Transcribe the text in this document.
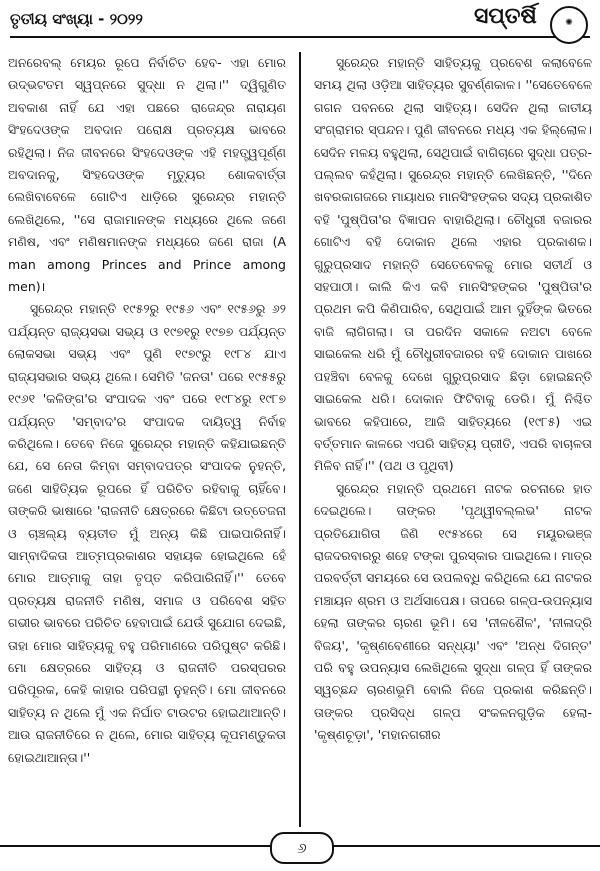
ତୃତୀୟ ସଂଖ୍ୟା - ୨୦୨୨	ସପ୍ତର୍ଷି	✺

ଅନରେବଲ୍ ମେୟର ରୂପେ ନିର୍ବାଚିତ ହେବ- ଏହା ମୋର ଉଦ୍ଭଟତମ ସ୍ୱପ୍ନରେ ସୁଦ୍ଧା ନ ଥିଲା।'' ଦ୍ୱିଗୁଣିତ ଅବକାଶ ନାହିଁ ଯେ ଏହା ପଛରେ ରାଜେନ୍ଦ୍ର ନାରାୟଣ ସିଂହଦେଓଙ୍କ ଅବଦାନ ପରୋକ୍ଷ ପ୍ରତ୍ୟକ୍ଷ ଭାବରେ ରହିଥିଲା। ନିଜ ଜୀବନରେ ସିଂହଦେଓଙ୍କ ଏହି ମହତ୍ତ୍ୱପୂର୍ଣ୍ଣ ଅବଦାନକୁ, ସିଂହଦେଓଙ୍କ ମୃତ୍ୟୁର ଶୋକବାର୍ତ୍ତା ଲେଖିବାବେଳେ ଗୋଟିଏ ଧାଡ଼ିରେ ସୁରେନ୍ଦ୍ର ମହାନ୍ତି ଲେଖିଥିଲେ, ''ସେ ରାଜାମାନଙ୍କ ମଧ୍ୟରେ ଥିଲେ ଜଣେ ମଣିଷ, ଏବଂ ମଣିଷମାନଙ୍କ ମଧ୍ୟରେ ଜଣେ ରାଜା (A man among Princes and Prince among men)।

ସୁରେନ୍ଦ୍ର ମହାନ୍ତି ୧୯୫୨ରୁ ୧୯୫୬ ଏବଂ ୧୯୫୬ରୁ ୬୨ ପର୍ଯ୍ୟନ୍ତ ରାଜ୍ୟସଭା ସଭ୍ୟ ଓ ୧୯୭୧ରୁ ୧୯୭୭ ପର୍ଯ୍ୟନ୍ତ ଲୋକସଭା ସଭ୍ୟ ଏବଂ ପୁଣି ୧୯୭୯ରୁ ୧୯୮୪ ଯାଏ ରାଜ୍ୟସଭାର ସଭ୍ୟ ଥିଲେ। ସେମିତି 'ଜନତା' ପରେ ୧୯୫୫ରୁ ୧୯୬୧ 'କଳିଙ୍ଗ'ର ସଂପାଦକ ଏବଂ ପରେ ୧୯୮୪ରୁ ୧୯୮୭ ପର୍ଯ୍ୟନ୍ତ 'ସମ୍ବାଦ'ର ସଂପାଦକ ଦାୟିତ୍ୱ ନିର୍ବାହ କରିଥିଲେ। ତେବେ ନିଜେ ସୁରେନ୍ଦ୍ର ମହାନ୍ତି କହିଯାଇଛନ୍ତି ଯେ, ସେ ନେତା କିମ୍ବା ସମ୍ବାଦପତ୍ର ସଂପାଦକ ନୁହନ୍ତି, ଜଣେ ସାହିତ୍ୟିକ ରୂପରେ ହିଁ ପରିଚିତ ରହିବାକୁ ଚାହିଁବେ। ତାଙ୍କରି ଭାଷାରେ 'ରାଜନୀତି କ୍ଷେତ୍ରରେ କିଛିଟା ଉତ୍ତେଜନା ଓ ଚାଞ୍ଚଲ୍ୟ ବ୍ୟତୀତ ମୁଁ ଅନ୍ୟ କିଛି ପାଇପାରିନାହିଁ। ସାମ୍ବାଦିକତା ଆତ୍ମପ୍ରକାଶର ସହାୟକ ହୋଇଥିଲେ ହେଁ ମୋର ଆତ୍ମାକୁ ତାହା ତୃପ୍ତ କରିପାରିନାହିଁ।'' ତେବେ ପ୍ରତ୍ୟକ୍ଷ ରାଜନୀତି ମଣିଷ, ସମାଜ ଓ ପରିବେଶ ସହିତ ଗଭୀର ଭାବରେ ପରିଚିତ ହେବାପାଇଁ ଯେଉଁ ସୁଯୋଗ ଦେଇଛି, ତାହା ମୋର ସାହିତ୍ୟକୁ ବହୁ ପରିମାଣରେ ପରିପୁଷ୍ଟ କରିଛି। ମୋ କ୍ଷେତ୍ରରେ ସାହିତ୍ୟ ଓ ରାଜନୀତି ପରସ୍ପରର ପରିପୂରକ, କେହି କାହାର ପରିପନ୍ଥୀ ନୁହନ୍ତି। ମୋ ଜୀବନରେ ସାହିତ୍ୟ ନ ଥିଲେ ମୁଁ ଏକ ନିର୍ଘାତ ଟାଉଟର ହୋଇଥାଆନ୍ତି। ଆଉ ରାଜନୀତିରେ ନ ଥିଲେ, ମୋର ସାହିତ୍ୟ କୂପମଣ୍ଡୁକତା ହୋଇଥାଆନ୍ତା।''

ସୁରେନ୍ଦ୍ର ମହାନ୍ତି ସାହିତ୍ୟକୁ ପ୍ରବେଶ କଲାବେଳେ ସମୟ ଥିଲା ଓଡ଼ିଆ ସାହିତ୍ୟର ସୁବର୍ଣ୍ଣକାଳ। ''ସେତେବେଳେ ଗଗନ ପବନରେ ଥିଲା ସାହିତ୍ୟ। ସେଦିନ ଥିଲା ଜାତୀୟ ସଂଗ୍ରାମର ସ୍ପନ୍ଦନ। ପୁଣି ଜୀବନରେ ମଧ୍ୟ ଏକ ହିଲ୍ଲୋଳ। ସେଦିନ ମଳୟ ବହୁଥିଲା, ସେଥିପାଇଁ ବାଗିଚାରେ ସୁଦ୍ଧା ପତ୍ର-ପଲ୍ଲବ କହଁଥିଲା। ସୁରେନ୍ଦ୍ର ମହାନ୍ତି ଲେଖିଛନ୍ତି, ''ଦିନେ ଖବରକାଗଜରେ ମାୟାଧର ମାନସିଂହଙ୍କର ସଦ୍ୟ ପ୍ରକାଶିତ ବହି 'ପୁଷ୍ପିତା'ର ବିଜ୍ଞାପନ ବାହାରିଥିଲା। ଚୌଧୁରୀ ବଜାରର ଗୋଟିଏ ବହି ଦୋକାନ ଥିଲେ ଏହାର ପ୍ରକାଶକ। ଗୁରୁପ୍ରସାଦ ମହାନ୍ତି ସେତେବେଳକୁ ମୋର ସତୀର୍ଥ ଓ ସହପାଠୀ। କାଲି କିଏ କବି ମାନସିଂହଙ୍କର 'ପୁଷ୍ପିତା'ର ପ୍ରଥମ କପି କିଣିପାରିବ, ସେଥିପାଇଁ ଆମ ଦୁହିଁଙ୍କ ଭିତରେ ବାଜି ଲାଗିଗଲା। ତା ପରଦିନ ସକାଳେ ନଅଟା ବେଳେ ସାଇକେଲ ଧରି ମୁଁ ଚୌଧୁରୀବଜାରର ବହି ଦୋକାନ ପାଖରେ ପହଞ୍ଚିବା ବେଳକୁ ଦେଖେ ଗୁରୁପ୍ରସାଦ ଛିଡ଼ା ହୋଇଛନ୍ତି ସାଇକେଲ ଧରି। ଦୋକାନ ଫିଟିବାକୁ ଡେରି। ମୁଁ ନିଶ୍ଚିତ ଭାବରେ କହିପାରେ, ଆଜି ସାହିତ୍ୟରେ (୧୯୮୫) ଏଇ ବର୍ତ୍ତମାନ କାଳରେ ଏପରି ସାହିତ୍ୟ ପ୍ରୀତି, ଏପରି ବାଚାଳତା ମିଳିବ ନାହିଁ।'' (ପଥ ଓ ପୃଥିବୀ)

ସୁରେନ୍ଦ୍ର ମହାନ୍ତି ପ୍ରଥମେ ନାଟକ ରଚନାରେ ହାତ ଦେଇଥିଲେ। ତାଙ୍କର 'ପୃଥ୍ୱୀବଲ୍ଲଭ' ନାଟକ ପ୍ରତିଯୋଗିତା ଜିଣି ୧୯୫୪ରେ ସେ ମୟୂରଭଞ୍ଜ ରାଜଦରବାରରୁ ଶହେ ଟଙ୍କା ପୁରସ୍କାର ପାଇଥିଲେ। ମାତ୍ର ପରବର୍ତ୍ତୀ ସମୟରେ ସେ ଉପଲବ୍ଧି କରିଥିଲେ ଯେ ନାଟକର ମଞ୍ଚାୟନ ଶ୍ରମ ଓ ଅର୍ଥସାପେକ୍ଷ। ତାପରେ ଗଳ୍ପ-ଉପନ୍ୟାସ ହେଲା ତାଙ୍କର ଚାରଣ ଭୂମି। ସେ 'ନୀଳଶୈଳ', 'ନୀଳାଦ୍ରି ବିଜୟ', 'କୃଷ୍ଣବେଣୀରେ ସନ୍ଧ୍ୟା' ଏବଂ 'ଅନ୍ଧ ଦିଗନ୍ତ' ପରି ବହୁ ଉପନ୍ୟାସ ଲେଖିଥିଲେ ସୁଦ୍ଧା ଗଳ୍ପ ହିଁ ତାଙ୍କର ସ୍ୱଚ୍ଛନ୍ଦ ଚାରଣଭୂମି ବୋଲି ନିଜେ ପ୍ରକାଶ କରିଛନ୍ତି। ତାଙ୍କର ପ୍ରସିଦ୍ଧ ଗଳ୍ପ ସଂକଳନଗୁଡ଼ିକ ହେଲା- 'କୃଷ୍ଣଚୂଡ଼ା', 'ମହାନଗରୀର

୬
